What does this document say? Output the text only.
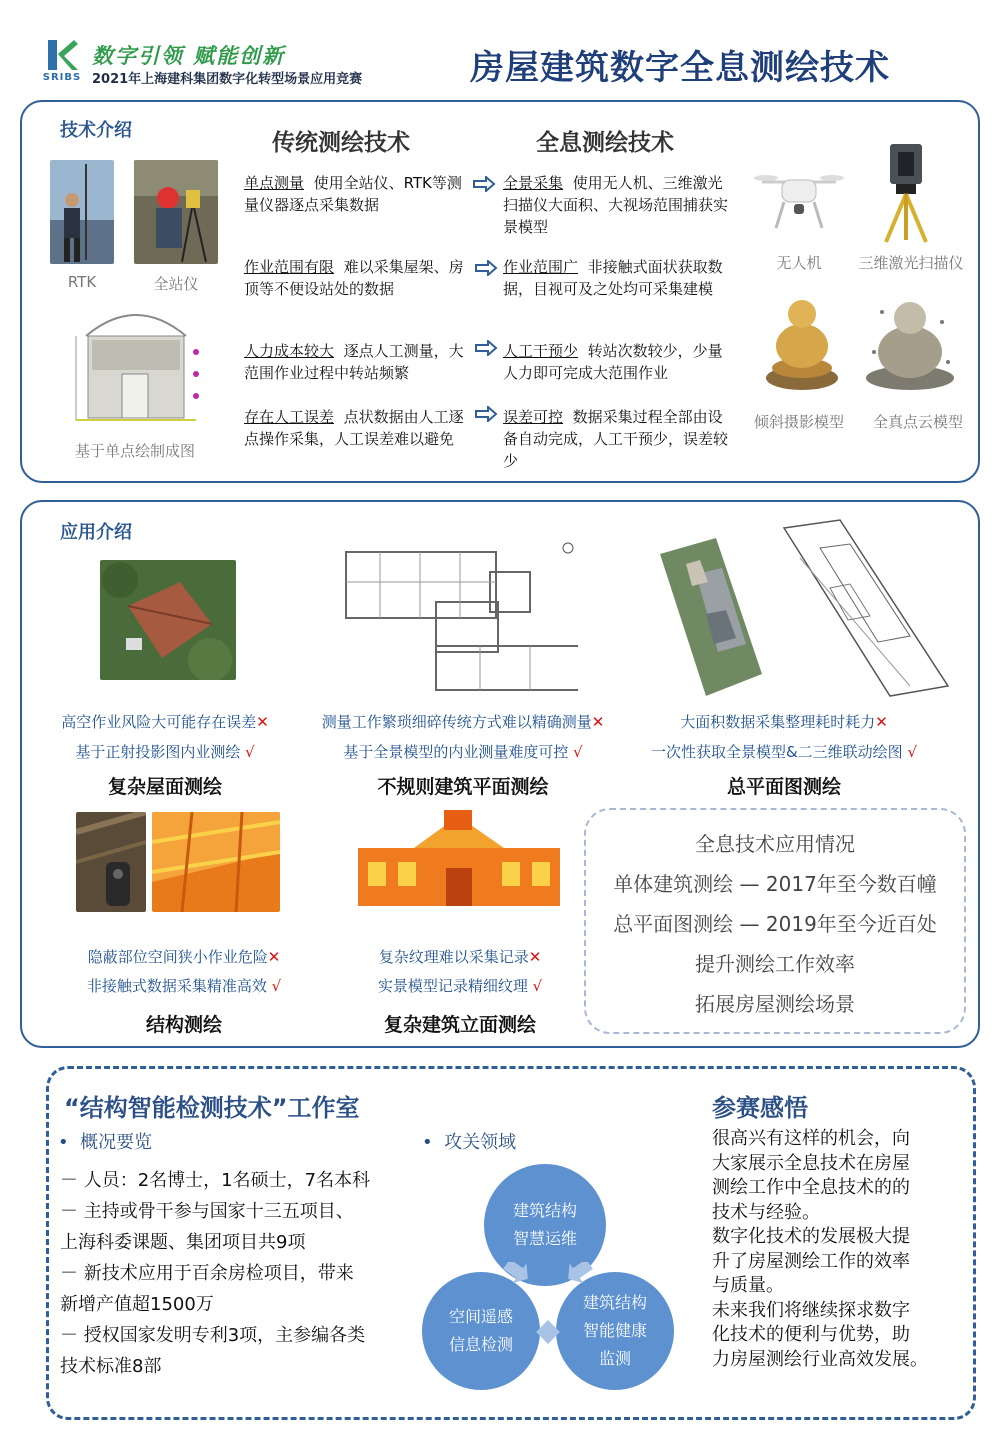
SRIBS
数字引领 赋能创新
2021年上海建科集团数字化转型场景应用竞赛	房屋建筑数字全息测绘技术
技术介绍
RTK	全站仪
基于单点绘制成图
传统测绘技术	全息测绘技术
单点测量 使用全站仪、RTK等测量仪器逐点采集数据
全景采集 使用无人机、三维激光扫描仪大面积、大视场范围捕获实景模型
作业范围有限 难以采集屋架、房顶等不便设站处的数据
作业范围广 非接触式面状获取数据，目视可及之处均可采集建模
人力成本较大 逐点人工测量，大范围作业过程中转站频繁
人工干预少 转站次数较少，少量人力即可完成大范围作业
存在人工误差 点状数据由人工逐点操作采集，人工误差难以避免
误差可控 数据采集过程全部由设备自动完成，人工干预少，误差较少
无人机	三维激光扫描仪
倾斜摄影模型	全真点云模型
应用介绍
高空作业风险大可能存在误差✕
基于正射投影图内业测绘 √
复杂屋面测绘
测量工作繁琐细碎传统方式难以精确测量✕
基于全景模型的内业测量难度可控 √
不规则建筑平面测绘
大面积数据采集整理耗时耗力✕
一次性获取全景模型&二三维联动绘图 √
总平面图测绘
隐蔽部位空间狭小作业危险✕
非接触式数据采集精准高效 √
结构测绘
复杂纹理难以采集记录✕
实景模型记录精细纹理 √
复杂建筑立面测绘
全息技术应用情况
单体建筑测绘 — 2017年至今数百幢
总平面图测绘 — 2019年至今近百处
提升测绘工作效率
拓展房屋测绘场景
“结构智能检测技术”工作室
• 概况要览
－ 人员：2名博士，1名硕士，7名本科
－ 主持或骨干参与国家十三五项目、
上海科委课题、集团项目共9项
－ 新技术应用于百余房检项目，带来
新增产值超1500万
－ 授权国家发明专利3项，主参编各类
技术标准8部
• 攻关领域
建筑结构
智慧运维
空间遥感
信息检测
建筑结构
智能健康
监测
参赛感悟
很高兴有这样的机会，向
大家展示全息技术在房屋
测绘工作中全息技术的的
技术与经验。
数字化技术的发展极大提
升了房屋测绘工作的效率
与质量。
未来我们将继续探求数字
化技术的便利与优势，助
力房屋测绘行业高效发展。
